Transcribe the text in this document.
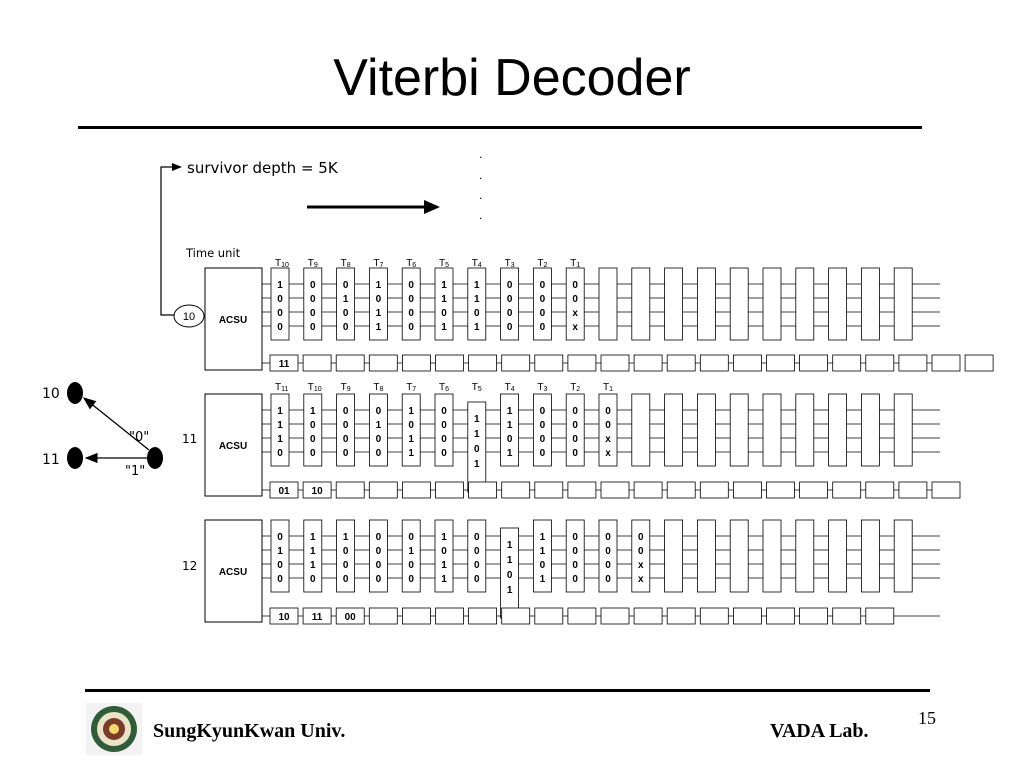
Viterbi Decoder
survivor depth = 5K
.
.
.
.
Time unit
10
10
11
"0"
"1"
ACSU
1
0
0
0
0
0
0
0
0
1
0
0
1
0
1
1
0
0
0
0
1
1
0
1
1
1
0
1
0
0
0
0
0
0
0
0
0
0
x
x
T10 T9 T8 T7 T6 T5 T4 T3 T2 T1
11
ACSU
11
1
1
1
0
1
0
0
0
0
0
0
0
0
1
0
0
1
0
1
1
0
0
0
0
1
1
0
1
1
1
0
1
0
0
0
0
0
0
0
0
0
0
x
x
T11 T10 T9 T8 T7 T6 T5 T4 T3 T2 T1
01 10
ACSU
12
0
1
0
0
1
1
1
0
1
0
0
0
0
0
0
0
0
1
0
0
1
0
1
1
0
0
0
0
1
1
0
1
1
1
0
1
0
0
0
0
0
0
0
0
0
0
x
x
10 11 00
SungKyunKwan Univ.	VADA Lab.
15
